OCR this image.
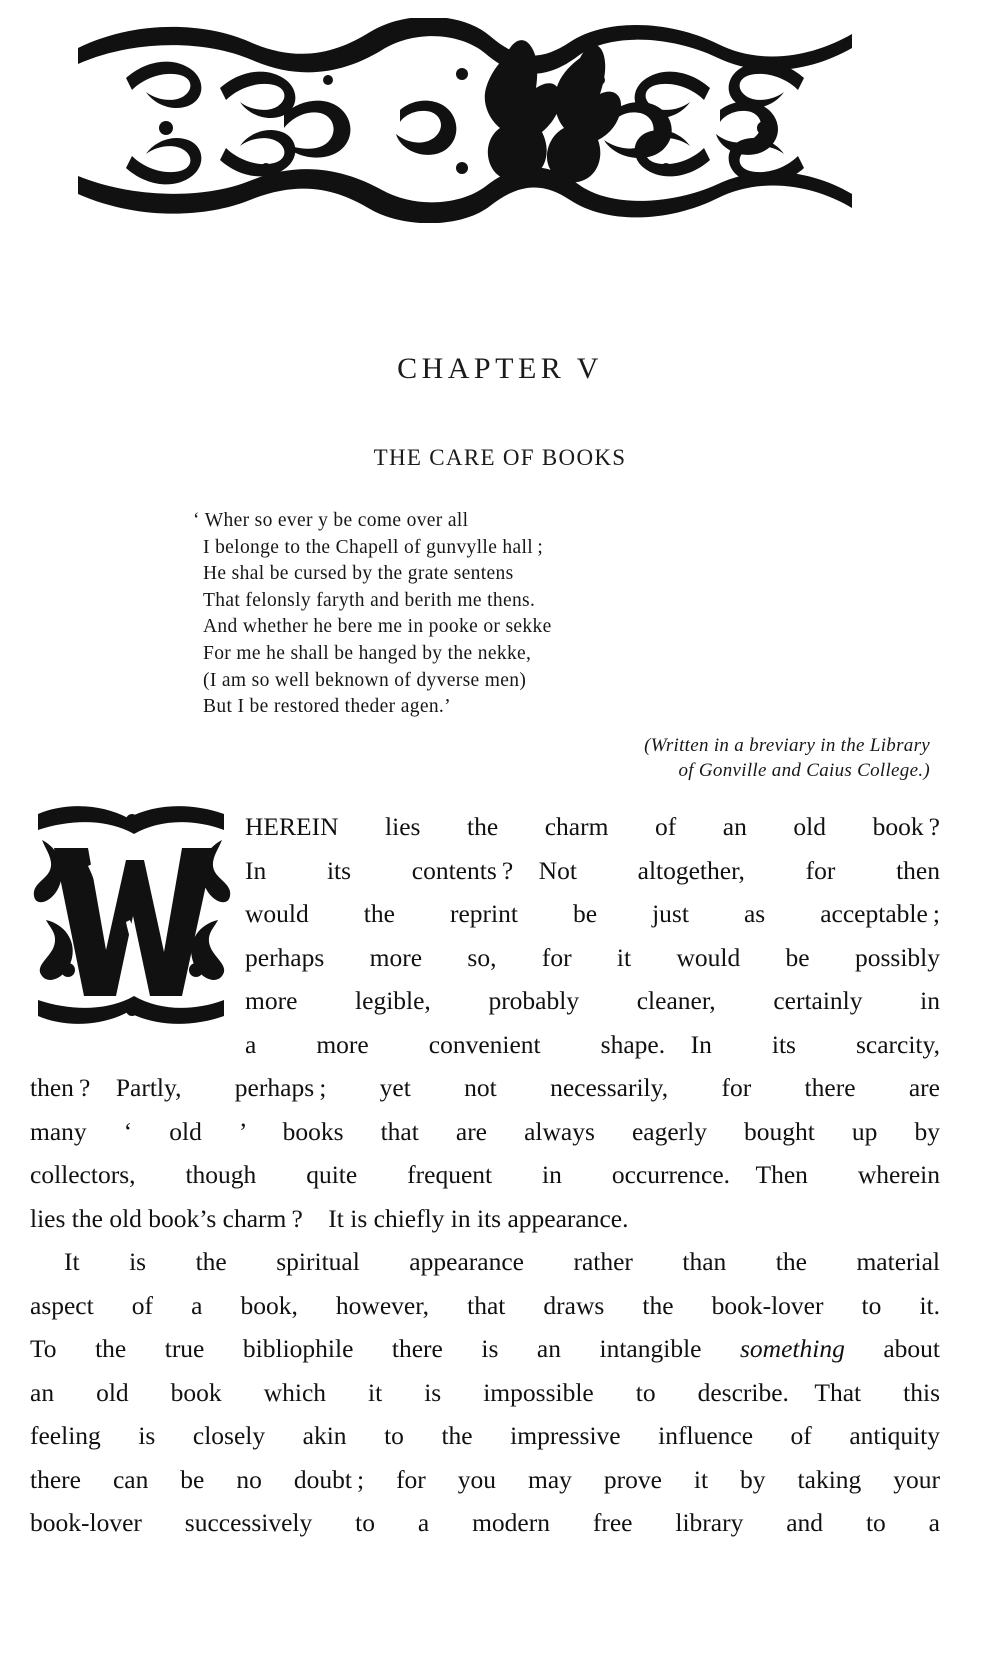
CHAPTER V
THE CARE OF BOOKS
‘ Wher so ever y be come over all
I belonge to the Chapell of gunvylle hall ;
He shal be cursed by the grate sentens
That felonsly faryth and berith me thens.
And whether he bere me in pooke or sekke
For me he shall be hanged by the nekke,
(I am so well beknown of dyverse men)
But I be restored theder agen.’
(Written in a breviary in the Library
of Gonville and Caius College.)
HEREIN lies the charm of an old book ?
In its contents ?  Not altogether, for then
would the reprint be just as acceptable ;
perhaps more so, for it would be possibly
more legible, probably cleaner, certainly in
a more convenient shape.  In its scarcity,
then ?  Partly, perhaps ; yet not necessarily, for there are
many ‘ old ’ books that are always eagerly bought up by
collectors, though quite frequent in occurrence.  Then wherein
lies the old book’s charm ?  It is chiefly in its appearance.
It is the spiritual appearance rather than the material
aspect of a book, however, that draws the book-lover to it.
To the true bibliophile there is an intangible something about
an old book which it is impossible to describe.  That this
feeling is closely akin to the impressive influence of antiquity
there can be no doubt ; for you may prove it by taking your
book-lover successively to a modern free library and to a
